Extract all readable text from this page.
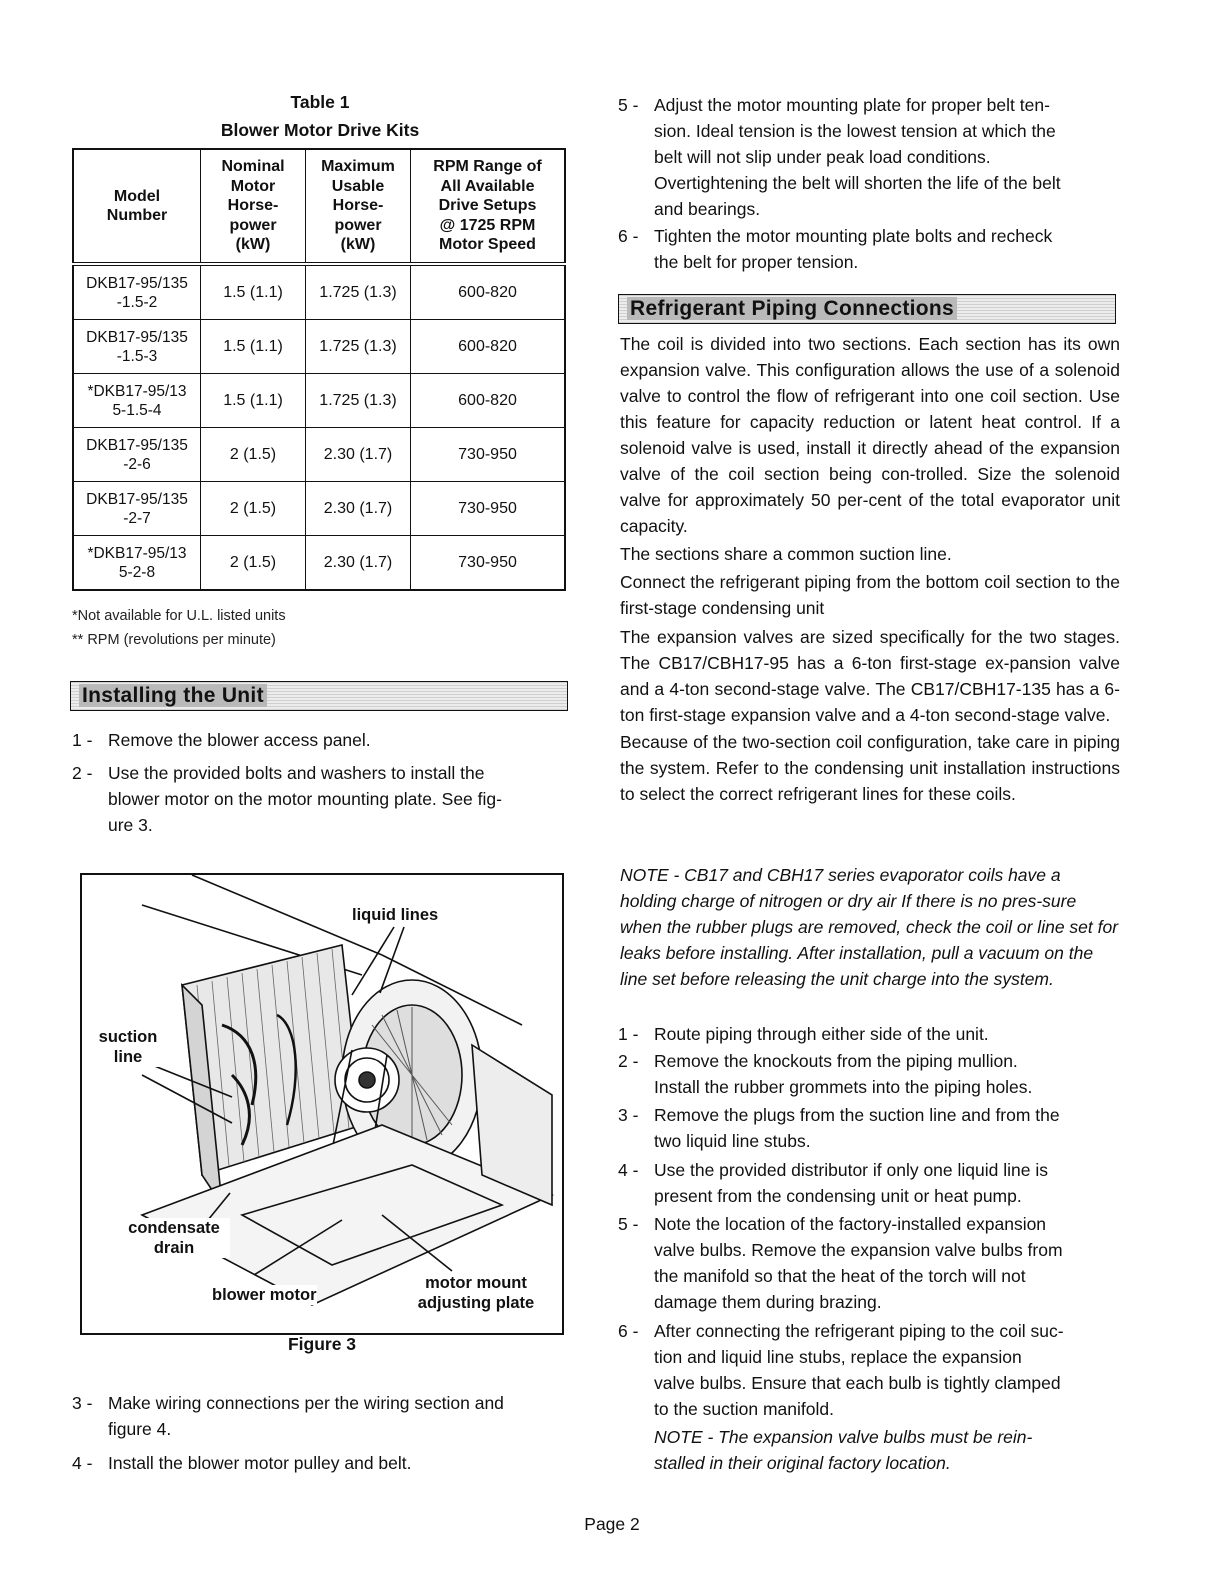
Table 1
Blower Motor Drive Kits
Model
Number	Nominal
Motor
Horse-
power
(kW)	Maximum
Usable
Horse-
power
(kW)	RPM Range of
All Available
Drive Setups
@ 1725 RPM
Motor Speed
DKB17-95/135
-1.5-2	1.5 (1.1)	1.725 (1.3)	600-820
DKB17-95/135
-1.5-3	1.5 (1.1)	1.725 (1.3)	600-820
*DKB17-95/13
5-1.5-4	1.5 (1.1)	1.725 (1.3)	600-820
DKB17-95/135
-2-6	2 (1.5)	2.30 (1.7)	730-950
DKB17-95/135
-2-7	2 (1.5)	2.30 (1.7)	730-950
*DKB17-95/13
5-2-8	2 (1.5)	2.30 (1.7)	730-950
*Not available for U.L. listed units
** RPM (revolutions per minute)
Installing the Unit
1 - Remove the blower access panel.
2 - Use the provided bolts and washers to install the
blower motor on the motor mounting plate. See fig-
ure 3.
liquid lines
suction
line
condensate
drain
blower motor
motor mount
adjusting plate
Figure 3
3 - Make wiring connections per the wiring section and
figure 4.
4 - Install the blower motor pulley and belt.
5 - Adjust the motor mounting plate for proper belt ten-
sion. Ideal tension is the lowest tension at which the
belt will not slip under peak load conditions.
Overtightening the belt will shorten the life of the belt
and bearings.
6 - Tighten the motor mounting plate bolts and recheck
the belt for proper tension.
Refrigerant Piping Connections
The coil is divided into two sections. Each section has its own expansion valve. This configuration allows the use of a solenoid valve to control the flow of refrigerant into one coil section. Use this feature for capacity reduction or latent heat control. If a solenoid valve is used, install it directly ahead of the expansion valve of the coil section being con-trolled. Size the solenoid valve for approximately 50 per-cent of the total evaporator unit capacity.
The sections share a common suction line.
Connect the refrigerant piping from the bottom coil section to the first-stage condensing unit
The expansion valves are sized specifically for the two stages. The CB17/CBH17-95 has a 6-ton first-stage ex-pansion valve and a 4-ton second-stage valve. The CB17/CBH17-135 has a 6-ton first-stage expansion valve and a 4-ton second-stage valve.
Because of the two-section coil configuration, take care in piping the system. Refer to the condensing unit installation instructions to select the correct refrigerant lines for these coils.
NOTE - CB17 and CBH17 series evaporator coils have a holding charge of nitrogen or dry air If there is no pres-sure when the rubber plugs are removed, check the coil or line set for leaks before installing. After installation, pull a vacuum on the line set before releasing the unit charge into the system.
1 - Route piping through either side of the unit.
2 - Remove the knockouts from the piping mullion.
Install the rubber grommets into the piping holes.
3 - Remove the plugs from the suction line and from the
two liquid line stubs.
4 - Use the provided distributor if only one liquid line is
present from the condensing unit or heat pump.
5 - Note the location of the factory-installed expansion
valve bulbs. Remove the expansion valve bulbs from
the manifold so that the heat of the torch will not
damage them during brazing.
6 - After connecting the refrigerant piping to the coil suc-
tion and liquid line stubs, replace the expansion
valve bulbs. Ensure that each bulb is tightly clamped
to the suction manifold.
NOTE - The expansion valve bulbs must be rein-
stalled in their original factory location.
Page 2
